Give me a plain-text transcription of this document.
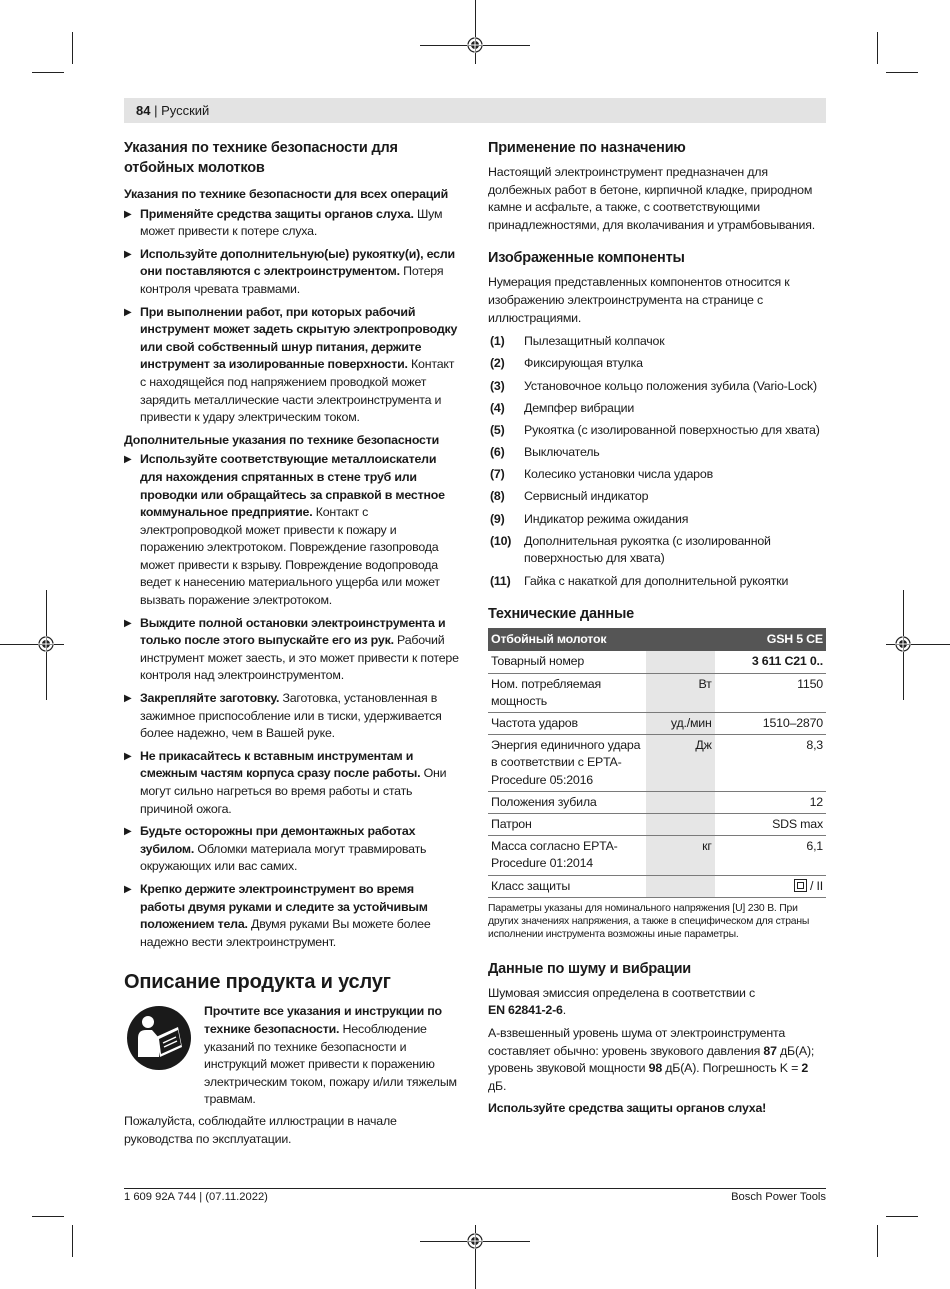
84 | Русский
Указания по технике безопасности для отбойных молотков
Указания по технике безопасности для всех операций
▶ Применяйте средства защиты органов слуха. Шум может привести к потере слуха.
▶ Используйте дополнительную(ые) рукоятку(и), если они поставляются с электроинструментом. Потеря контроля чревата травмами.
▶ При выполнении работ, при которых рабочий инструмент может задеть скрытую электропроводку или свой собственный шнур питания, держите инструмент за изолированные поверхности. Контакт с находящейся под напряжением проводкой может зарядить металлические части электроинструмента и привести к удару электрическим током.
Дополнительные указания по технике безопасности
▶ Используйте соответствующие металлоискатели для нахождения спрятанных в стене труб или проводки или обращайтесь за справкой в местное коммунальное предприятие. Контакт с электропроводкой может привести к пожару и поражению электротоком. Повреждение газопровода может привести к взрыву. Повреждение водопровода ведет к нанесению материального ущерба или может вызвать поражение электротоком.
▶ Выждите полной остановки электроинструмента и только после этого выпускайте его из рук. Рабочий инструмент может заесть, и это может привести к потере контроля над электроинструментом.
▶ Закрепляйте заготовку. Заготовка, установленная в зажимное приспособление или в тиски, удерживается более надежно, чем в Вашей руке.
▶ Не прикасайтесь к вставным инструментам и смежным частям корпуса сразу после работы. Они могут сильно нагреться во время работы и стать причиной ожога.
▶ Будьте осторожны при демонтажных работах зубилом. Обломки материала могут травмировать окружающих или вас самих.
▶ Крепко держите электроинструмент во время работы двумя руками и следите за устойчивым положением тела. Двумя руками Вы можете более надежно вести электроинструмент.
Описание продукта и услуг
Прочтите все указания и инструкции по технике безопасности. Несоблюдение указаний по технике безопасности и инструкций может привести к поражению электрическим током, пожару и/или тяжелым травмам.
Пожалуйста, соблюдайте иллюстрации в начале руководства по эксплуатации.
Применение по назначению
Настоящий электроинструмент предназначен для долбежных работ в бетоне, кирпичной кладке, природном камне и асфальте, а также, с соответствующими принадлежностями, для вколачивания и утрамбовывания.
Изображенные компоненты
Нумерация представленных компонентов относится к изображению электроинструмента на странице с иллюстрациями.
(1) Пылезащитный колпачок
(2) Фиксирующая втулка
(3) Установочное кольцо положения зубила (Vario-Lock)
(4) Демпфер вибрации
(5) Рукоятка (с изолированной поверхностью для хвата)
(6) Выключатель
(7) Колесико установки числа ударов
(8) Сервисный индикатор
(9) Индикатор режима ожидания
(10) Дополнительная рукоятка (с изолированной поверхностью для хвата)
(11) Гайка с накаткой для дополнительной рукоятки
Технические данные
Отбойный молоток		GSH 5 CE
Товарный номер		3 611 C21 0..
Ном. потребляемая мощность	Вт	1150
Частота ударов	уд./мин	1510–2870
Энергия единичного удара в соответствии с EPTA-Procedure 05:2016	Дж	8,3
Положения зубила		12
Патрон		SDS max
Масса согласно EPTA-Procedure 01:2014	кг	6,1
Класс защиты		/ II
Параметры указаны для номинального напряжения [U] 230 В. При других значениях напряжения, а также в специфическом для страны исполнении инструмента возможны иные параметры.
Данные по шуму и вибрации
Шумовая эмиссия определена в соответствии с
EN 62841-2-6.
А-взвешенный уровень шума от электроинструмента составляет обычно: уровень звукового давления 87 дБ(A); уровень звуковой мощности 98 дБ(A). Погрешность K = 2 дБ.
Используйте средства защиты органов слуха!
1 609 92A 744 | (07.11.2022)	Bosch Power Tools
